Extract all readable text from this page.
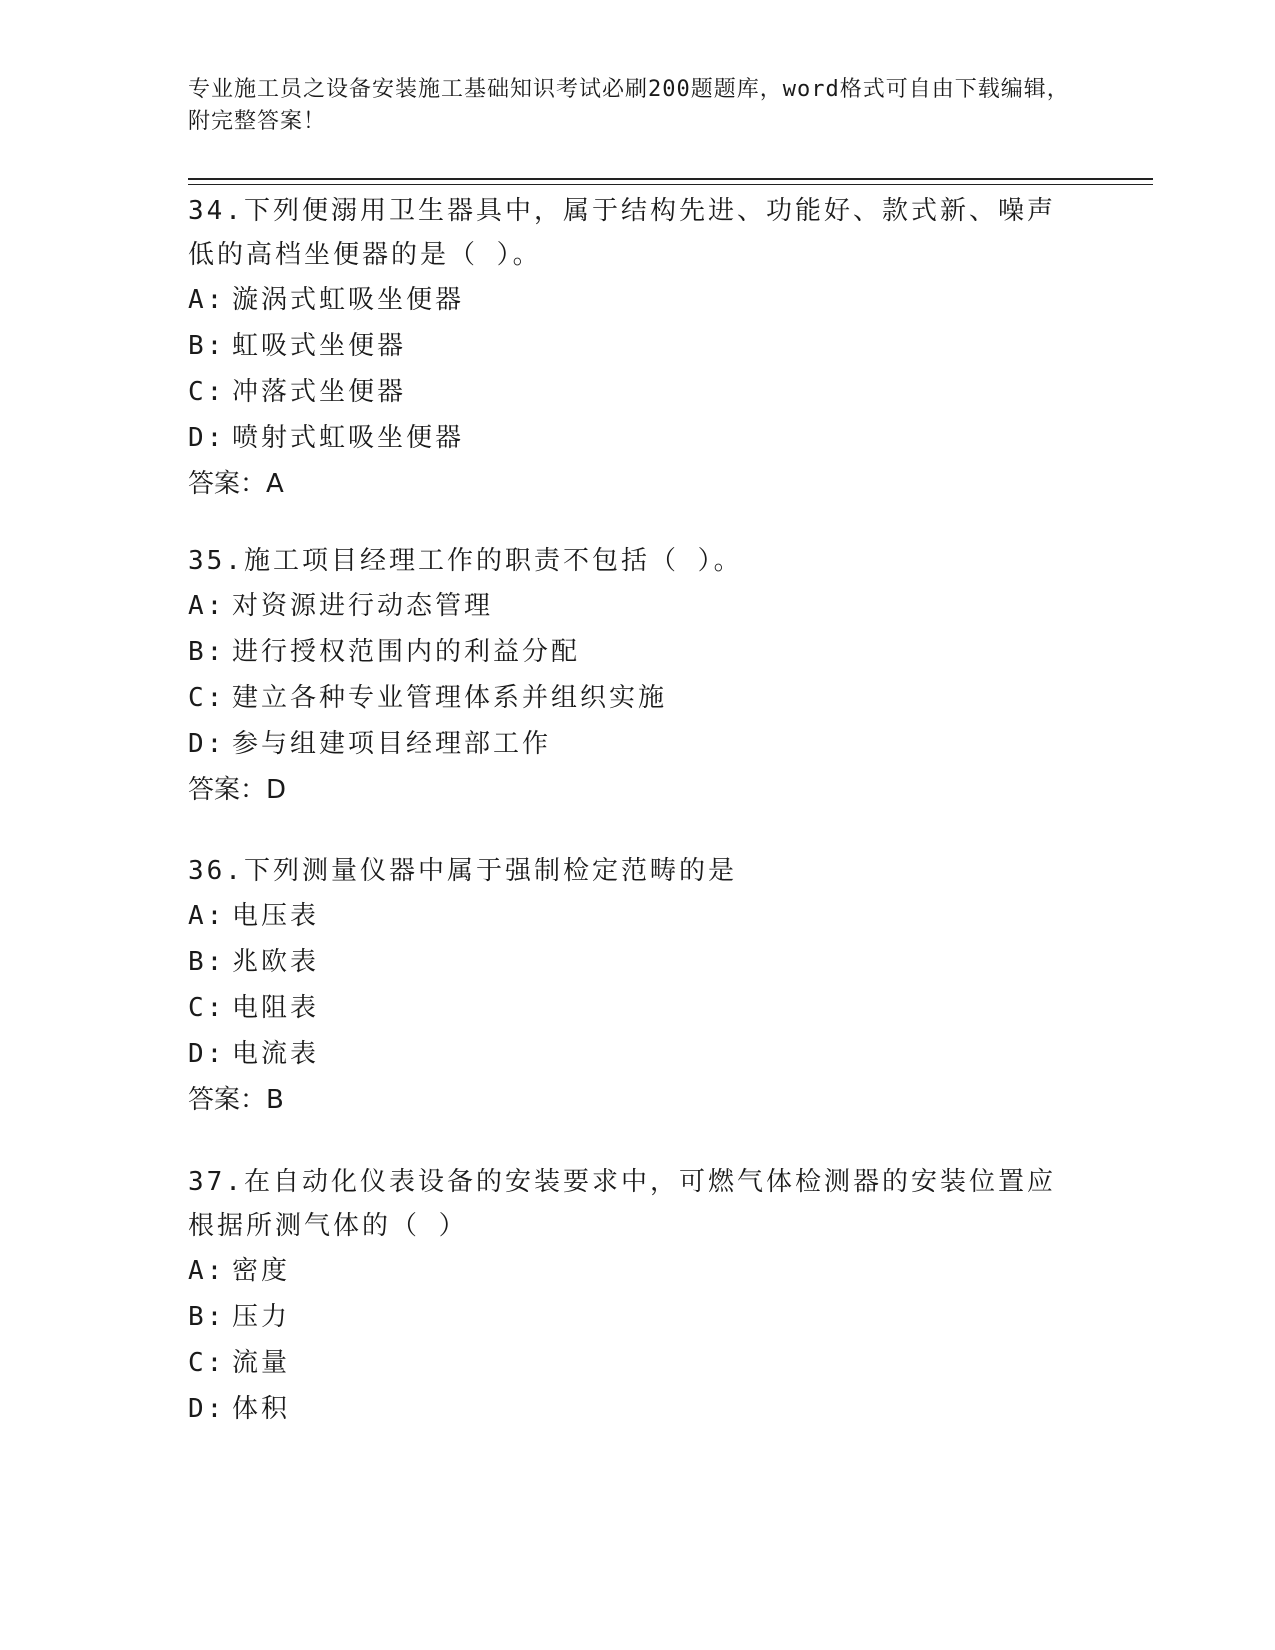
专业施工员之设备安装施工基础知识考试必刷200题题库，word格式可自由下载编辑，附完整答案！
34.下列便溺用卫生器具中，属于结构先进、功能好、款式新、噪声低的高档坐便器的是（ ）。
A: 漩涡式虹吸坐便器
B: 虹吸式坐便器
C: 冲落式坐便器
D: 喷射式虹吸坐便器
答案：A
35.施工项目经理工作的职责不包括（ ）。
A: 对资源进行动态管理
B: 进行授权范围内的利益分配
C: 建立各种专业管理体系并组织实施
D: 参与组建项目经理部工作
答案：D
36.下列测量仪器中属于强制检定范畴的是
A: 电压表
B: 兆欧表
C: 电阻表
D: 电流表
答案：B
37.在自动化仪表设备的安装要求中，可燃气体检测器的安装位置应根据所测气体的（ ）
A: 密度
B: 压力
C: 流量
D: 体积
